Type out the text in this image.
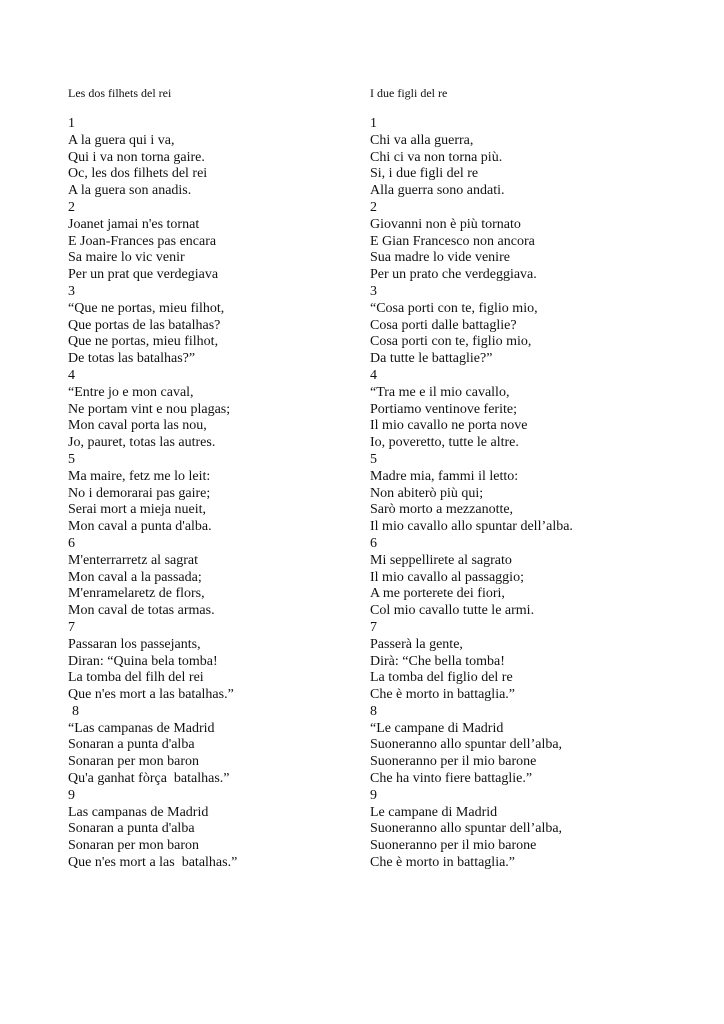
Les dos filhets del rei
1
A la guera qui i va,
Qui i va non torna gaire.
Oc, les dos filhets del rei
A la guera son anadis.
2
Joanet jamai n'es tornat
E Joan-Frances pas encara
Sa maire lo vic venir
Per un prat que verdegiava
3
“Que ne portas, mieu filhot,
Que portas de las batalhas?
Que ne portas, mieu filhot,
De totas las batalhas?”
4
“Entre jo e mon caval,
Ne portam vint e nou plagas;
Mon caval porta las nou,
Jo, pauret, totas las autres.
5
Ma maire, fetz me lo leit:
No i demorarai pas gaire;
Serai mort a mieja nueit,
Mon caval a punta d'alba.
6
M'enterrarretz al sagrat
Mon caval a la passada;
M'enramelaretz de flors,
Mon caval de totas armas.
7
Passaran los passejants,
Diran: “Quina bela tomba!
La tomba del filh del rei
Que n'es mort a las batalhas.”
8
“Las campanas de Madrid
Sonaran a punta d'alba
Sonaran per mon baron
Qu'a ganhat fòrça  batalhas.”
9
Las campanas de Madrid
Sonaran a punta d'alba
Sonaran per mon baron
Que n'es mort a las  batalhas.”
I due figli del re
1
Chi va alla guerra,
Chi ci va non torna più.
Si, i due figli del re
Alla guerra sono andati.
2
Giovanni non è più tornato
E Gian Francesco non ancora
Sua madre lo vide venire
Per un prato che verdeggiava.
3
“Cosa porti con te, figlio mio,
Cosa porti dalle battaglie?
Cosa porti con te, figlio mio,
Da tutte le battaglie?”
4
“Tra me e il mio cavallo,
Portiamo ventinove ferite;
Il mio cavallo ne porta nove
Io, poveretto, tutte le altre.
5
Madre mia, fammi il letto:
Non abiterò più qui;
Sarò morto a mezzanotte,
Il mio cavallo allo spuntar dell’alba.
6
Mi seppellirete al sagrato
Il mio cavallo al passaggio;
A me porterete dei fiori,
Col mio cavallo tutte le armi.
7
Passerà la gente,
Dirà: “Che bella tomba!
La tomba del figlio del re
Che è morto in battaglia.”
8
“Le campane di Madrid
Suoneranno allo spuntar dell’alba,
Suoneranno per il mio barone
Che ha vinto fiere battaglie.”
9
Le campane di Madrid
Suoneranno allo spuntar dell’alba,
Suoneranno per il mio barone
Che è morto in battaglia.”
